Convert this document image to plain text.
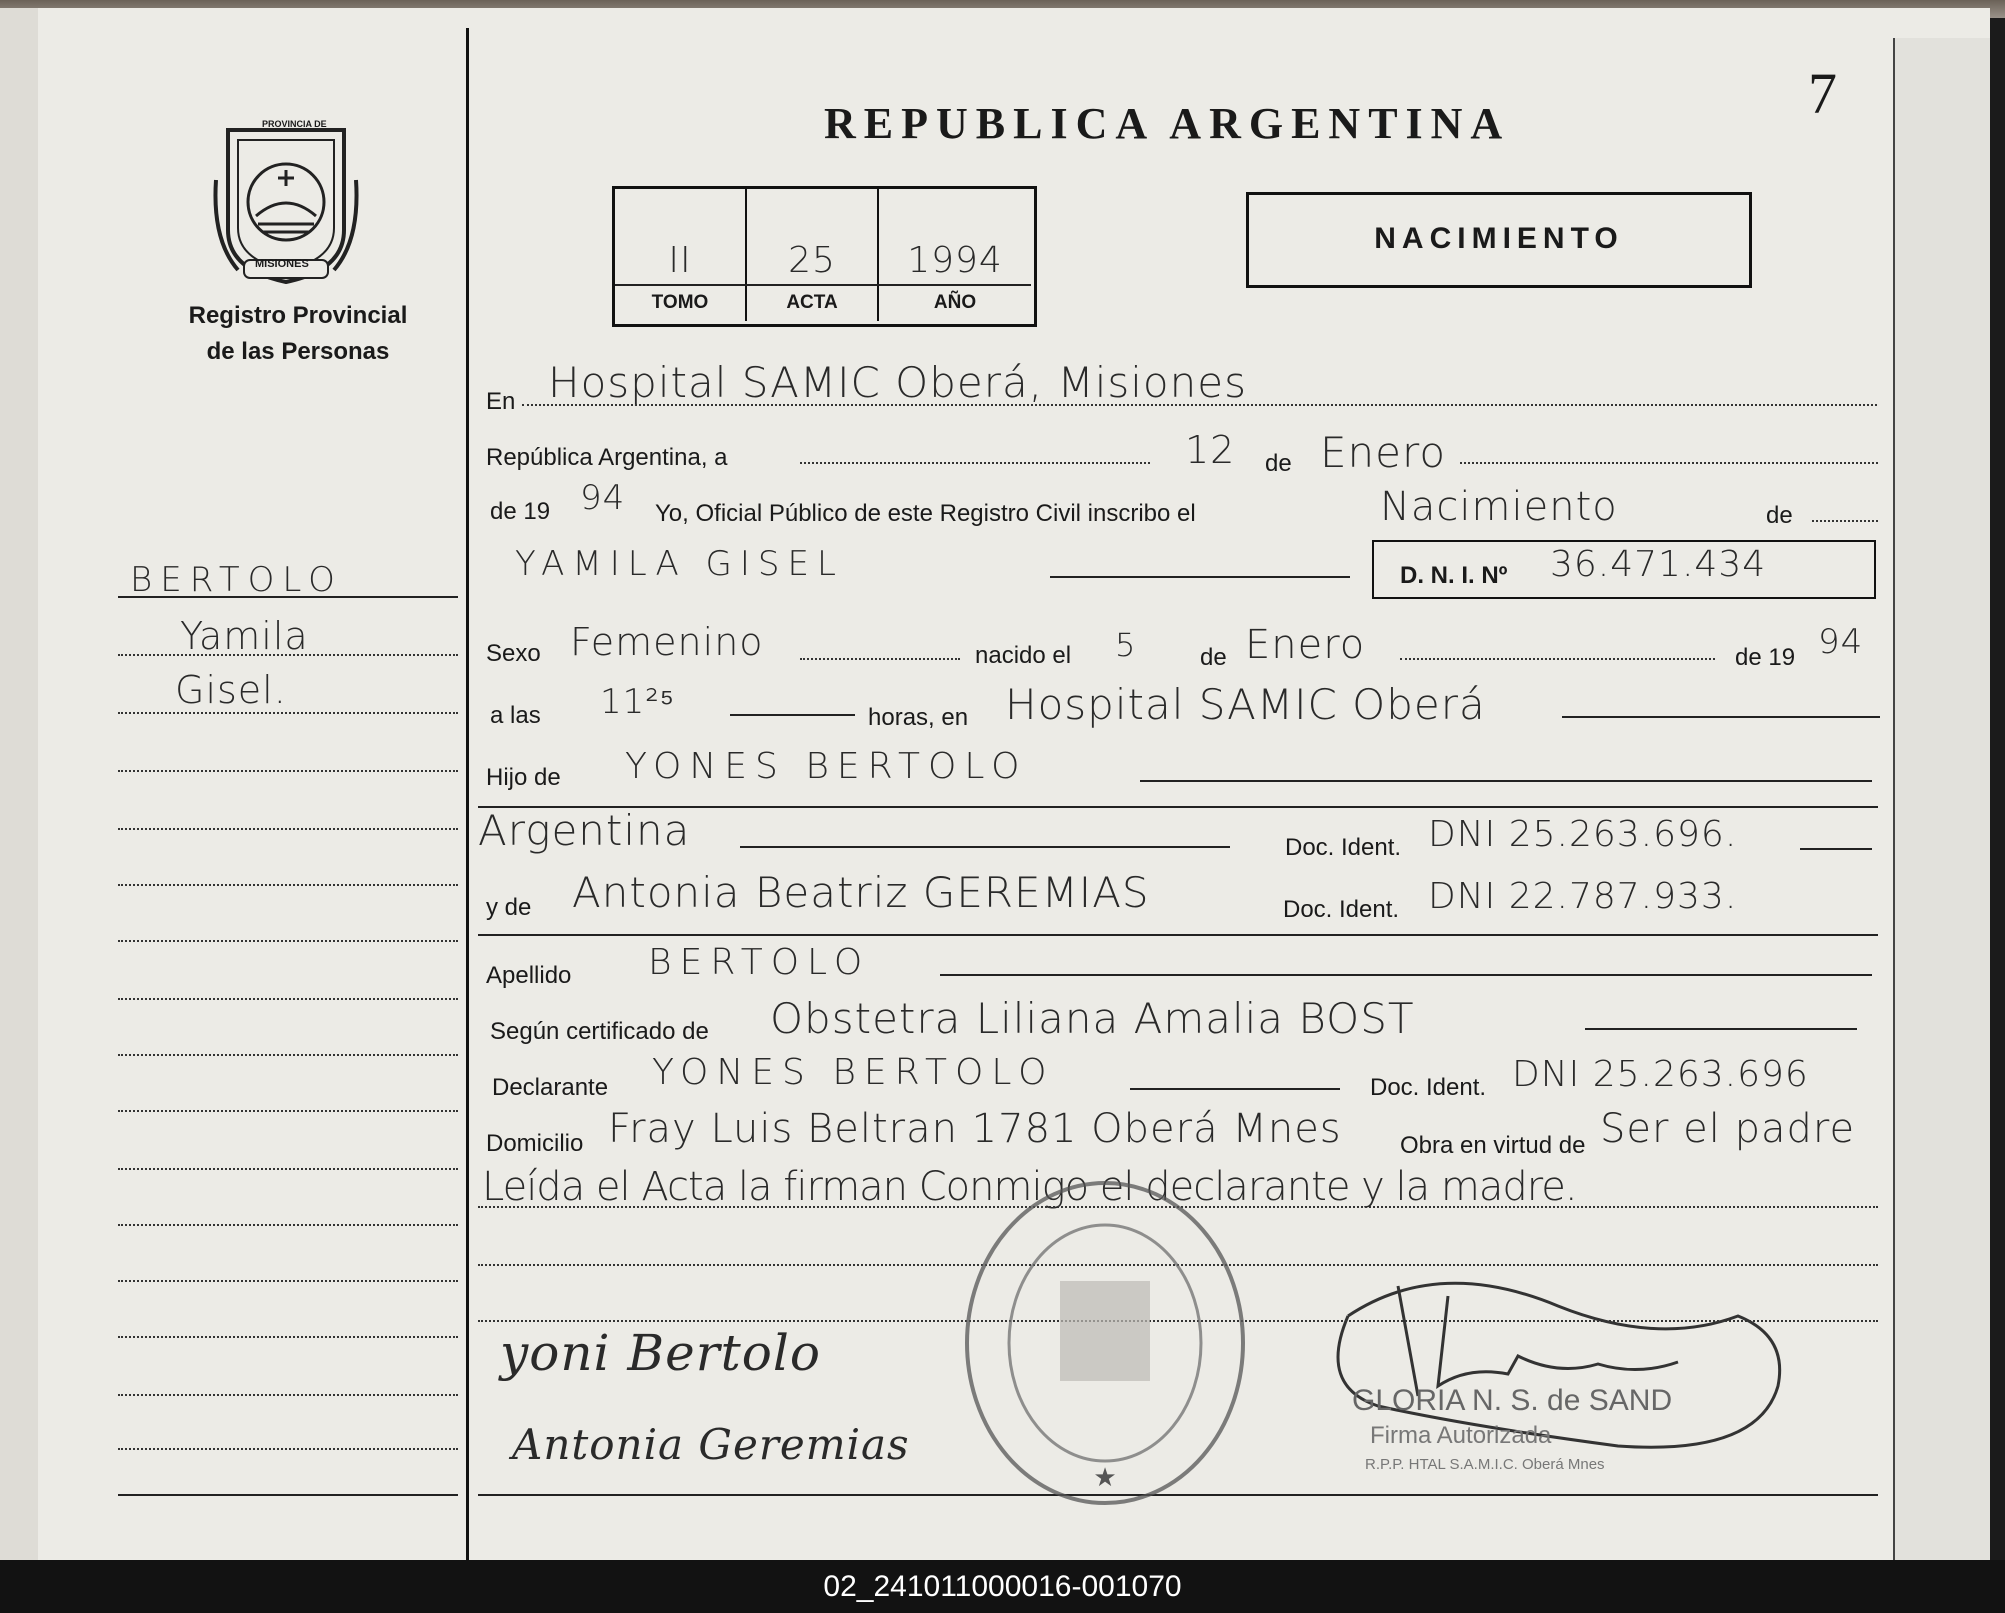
7
PROVINCIA DE
MISIONES
Registro Provincial
de las Personas
REPUBLICA ARGENTINA
II	25	1994
TOMO	ACTA	AÑO
NACIMIENTO
BERTOLO
Yamila
Gisel.
En Hospital SAMIC Oberá, Misiones
República Argentina, a	12 de Enero
de 19 94 Yo, Oficial Público de este Registro Civil inscribo el	Nacimiento	de
YAMILA GISEL	D. N. I. Nº 36.471.434
Sexo Femenino	nacido el 5	de Enero	de 19 94
a las 11²⁵	horas, en Hospital SAMIC Oberá
Hijo de YONES BERTOLO
Argentina	Doc. Ident. DNI 25.263.696.
y de Antonia Beatriz GEREMIAS	Doc. Ident. DNI 22.787.933.
Apellido BERTOLO
Según certificado de Obstetra Liliana Amalia BOST
Declarante YONES BERTOLO	Doc. Ident. DNI 25.263.696
Domicilio Fray Luis Beltran 1781 Oberá Mnes Obra en virtud de Ser el padre
Leída el Acta la firman Conmigo el declarante y la madre.
★
yoni Bertolo
Antonia Geremias
GLORIA N. S. de SAND
Firma Autorizada
R.P.P. HTAL S.A.M.I.C. Oberá Mnes
02_241011000016-001070
